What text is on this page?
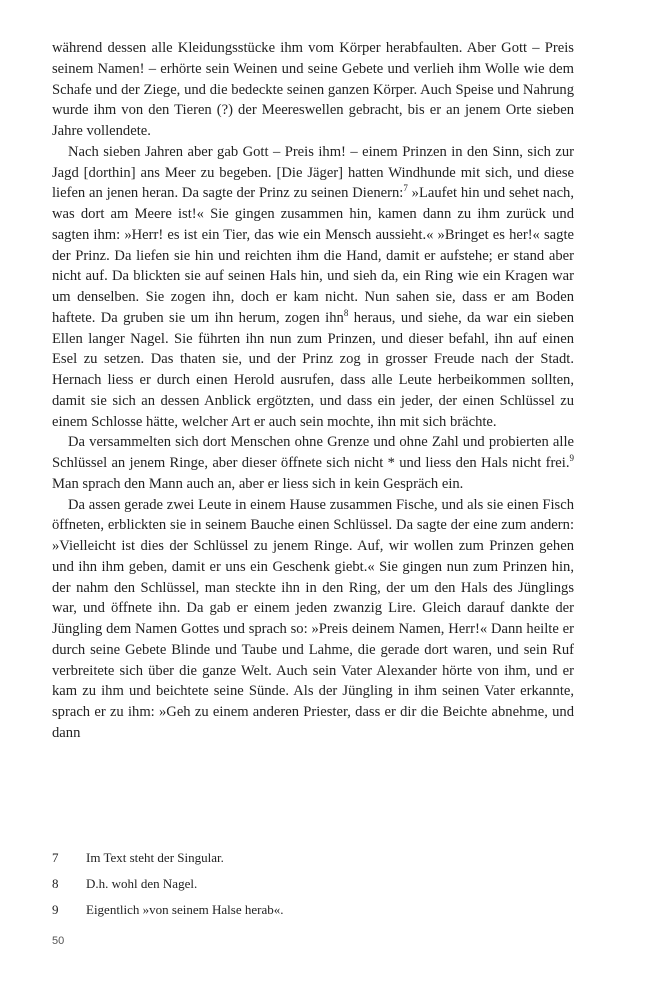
während dessen alle Kleidungsstücke ihm vom Körper herabfaulten. Aber Gott – Preis seinem Namen! – erhörte sein Weinen und seine Gebete und verlieh ihm Wolle wie dem Schafe und der Ziege, und die bedeckte seinen ganzen Körper. Auch Speise und Nahrung wurde ihm von den Tieren (?) der Meereswellen gebracht, bis er an jenem Orte sieben Jahre vollendete.

Nach sieben Jahren aber gab Gott – Preis ihm! – einem Prinzen in den Sinn, sich zur Jagd [dorthin] ans Meer zu begeben. [Die Jäger] hatten Windhunde mit sich, und diese liefen an jenen heran. Da sagte der Prinz zu seinen Dienern:$^7$ »Laufet hin und sehet nach, was dort am Meere ist!« Sie gingen zusammen hin, kamen dann zu ihm zurück und sagten ihm: »Herr! es ist ein Tier, das wie ein Mensch aussieht.« »Bringet es her!« sagte der Prinz. Da liefen sie hin und reichten ihm die Hand, damit er aufstehe; er stand aber nicht auf. Da blickten sie auf seinen Hals hin, und sieh da, ein Ring wie ein Kragen war um denselben. Sie zogen ihn, doch er kam nicht. Nun sahen sie, dass er am Boden haftete. Da gruben sie um ihn herum, zogen ihn$^8$ heraus, und siehe, da war ein sieben Ellen langer Nagel. Sie führten ihn nun zum Prinzen, und dieser befahl, ihn auf einen Esel zu setzen. Das thaten sie, und der Prinz zog in grosser Freude nach der Stadt. Hernach liess er durch einen Herold ausrufen, dass alle Leute herbeikommen sollten, damit sie sich an dessen Anblick ergötzten, und dass ein jeder, der einen Schlüssel zu einem Schlosse hätte, welcher Art er auch sein mochte, ihn mit sich brächte.

Da versammelten sich dort Menschen ohne Grenze und ohne Zahl und probierten alle Schlüssel an jenem Ringe, aber dieser öffnete sich nicht * und liess den Hals nicht frei.$^9$ Man sprach den Mann auch an, aber er liess sich in kein Gespräch ein.

Da assen gerade zwei Leute in einem Hause zusammen Fische, und als sie einen Fisch öffneten, erblickten sie in seinem Bauche einen Schlüssel. Da sagte der eine zum andern: »Vielleicht ist dies der Schlüssel zu jenem Ringe. Auf, wir wollen zum Prinzen gehen und ihn ihm geben, damit er uns ein Geschenk giebt.« Sie gingen nun zum Prinzen hin, der nahm den Schlüssel, man steckte ihn in den Ring, der um den Hals des Jünglings war, und öffnete ihn. Da gab er einem jeden zwanzig Lire. Gleich darauf dankte der Jüngling dem Namen Gottes und sprach so: »Preis deinem Namen, Herr!« Dann heilte er durch seine Gebete Blinde und Taube und Lahme, die gerade dort waren, und sein Ruf verbreitete sich über die ganze Welt. Auch sein Vater Alexander hörte von ihm, und er kam zu ihm und beichtete seine Sünde. Als der Jüngling in ihm seinen Vater erkannte, sprach er zu ihm: »Geh zu einem anderen Priester, dass er dir die Beichte abnehme, und dann

7	Im Text steht der Singular.
8	D.h. wohl den Nagel.
9	Eigentlich »von seinem Halse herab«.
50
